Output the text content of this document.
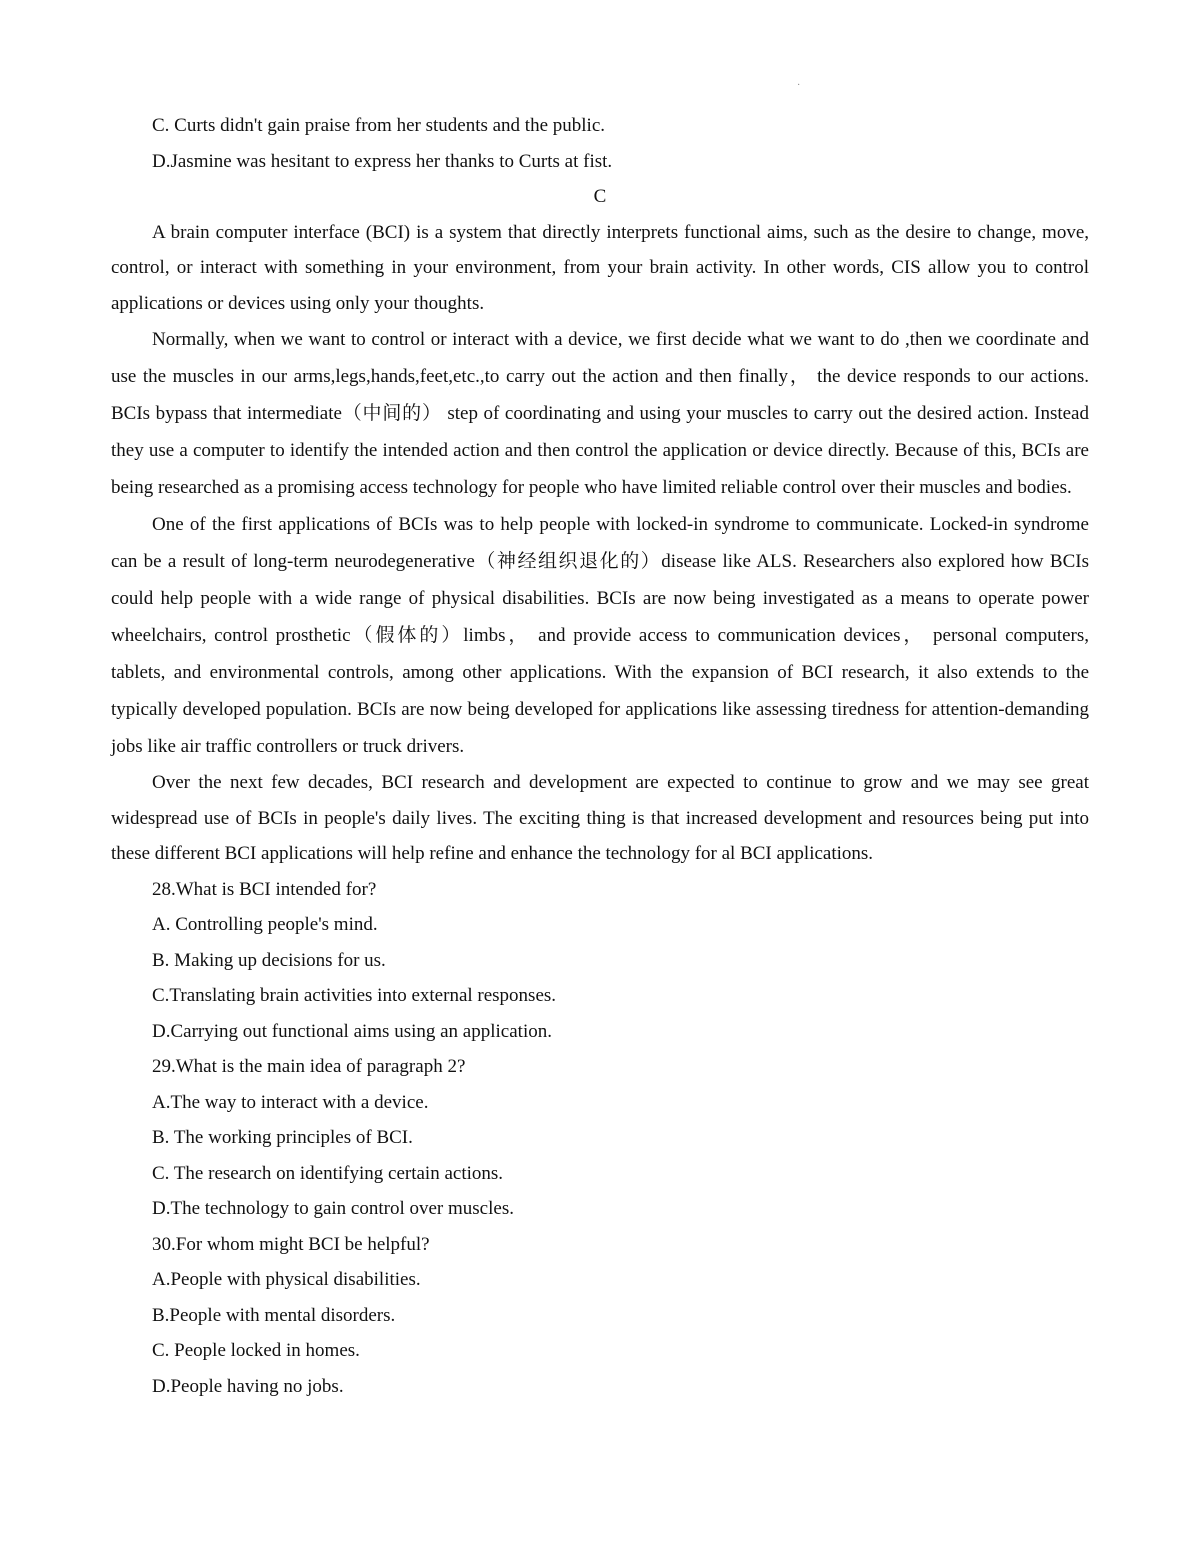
·

C. Curts didn't gain praise from her students and the public.

D.Jasmine was hesitant to express her thanks to Curts at fist.

C

A brain computer interface (BCI) is a system that directly interprets functional aims, such as the desire to change, move, control, or interact with something in your environment, from your brain activity. In other words, CIS allow you to control applications or devices using only your thoughts.

Normally, when we want to control or interact with a device, we first decide what we want to do ,then we coordinate and use the muscles in our arms,legs,hands,feet,etc.,to carry out the action and then finally， the device responds to our actions. BCIs bypass that intermediate（中间的） step of coordinating and using your muscles to carry out the desired action. Instead they use a computer to identify the intended action and then control the application or device directly. Because of this, BCIs are being researched as a promising access technology for people who have limited reliable control over their muscles and bodies.

One of the first applications of BCIs was to help people with locked-in syndrome to communicate. Locked-in syndrome can be a result of long-term neurodegenerative（神经组织退化的）disease like ALS. Researchers also explored how BCIs could help people with a wide range of physical disabilities. BCIs are now being investigated as a means to operate power wheelchairs, control prosthetic（假体的）limbs， and provide access to communication devices， personal computers, tablets, and environmental controls, among other applications. With the expansion of BCI research, it also extends to the typically developed population. BCIs are now being developed for applications like assessing tiredness for attention-demanding jobs like air traffic controllers or truck drivers.

Over the next few decades, BCI research and development are expected to continue to grow and we may see great widespread use of BCIs in people's daily lives. The exciting thing is that increased development and resources being put into these different BCI applications will help refine and enhance the technology for al BCI applications.

28.What is BCI intended for?

A. Controlling people's mind.

B. Making up decisions for us.

C.Translating brain activities into external responses.

D.Carrying out functional aims using an application.

29.What is the main idea of paragraph 2?

A.The way to interact with a device.

B. The working principles of BCI.

C. The research on identifying certain actions.

D.The technology to gain control over muscles.

30.For whom might BCI be helpful?

A.People with physical disabilities.

B.People with mental disorders.

C. People locked in homes.

D.People having no jobs.
